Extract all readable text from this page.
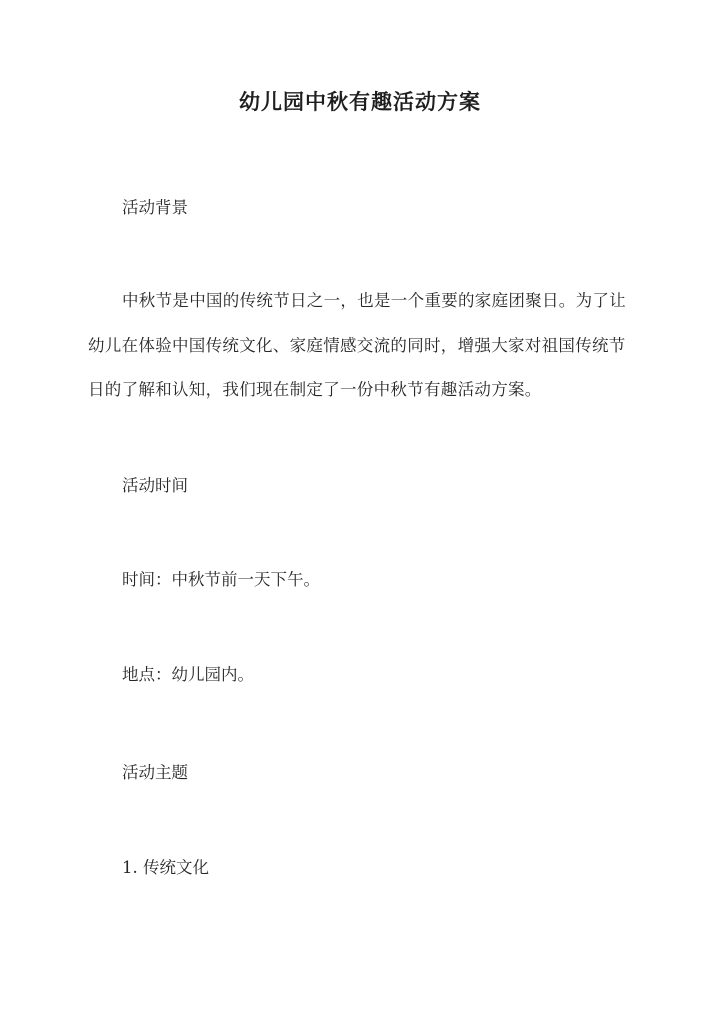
幼儿园中秋有趣活动方案
活动背景
中秋节是中国的传统节日之一，也是一个重要的家庭团聚日。为了让
幼儿在体验中国传统文化、家庭情感交流的同时，增强大家对祖国传统节
日的了解和认知，我们现在制定了一份中秋节有趣活动方案。
活动时间
时间：中秋节前一天下午。
地点：幼儿园内。
活动主题
1. 传统文化
